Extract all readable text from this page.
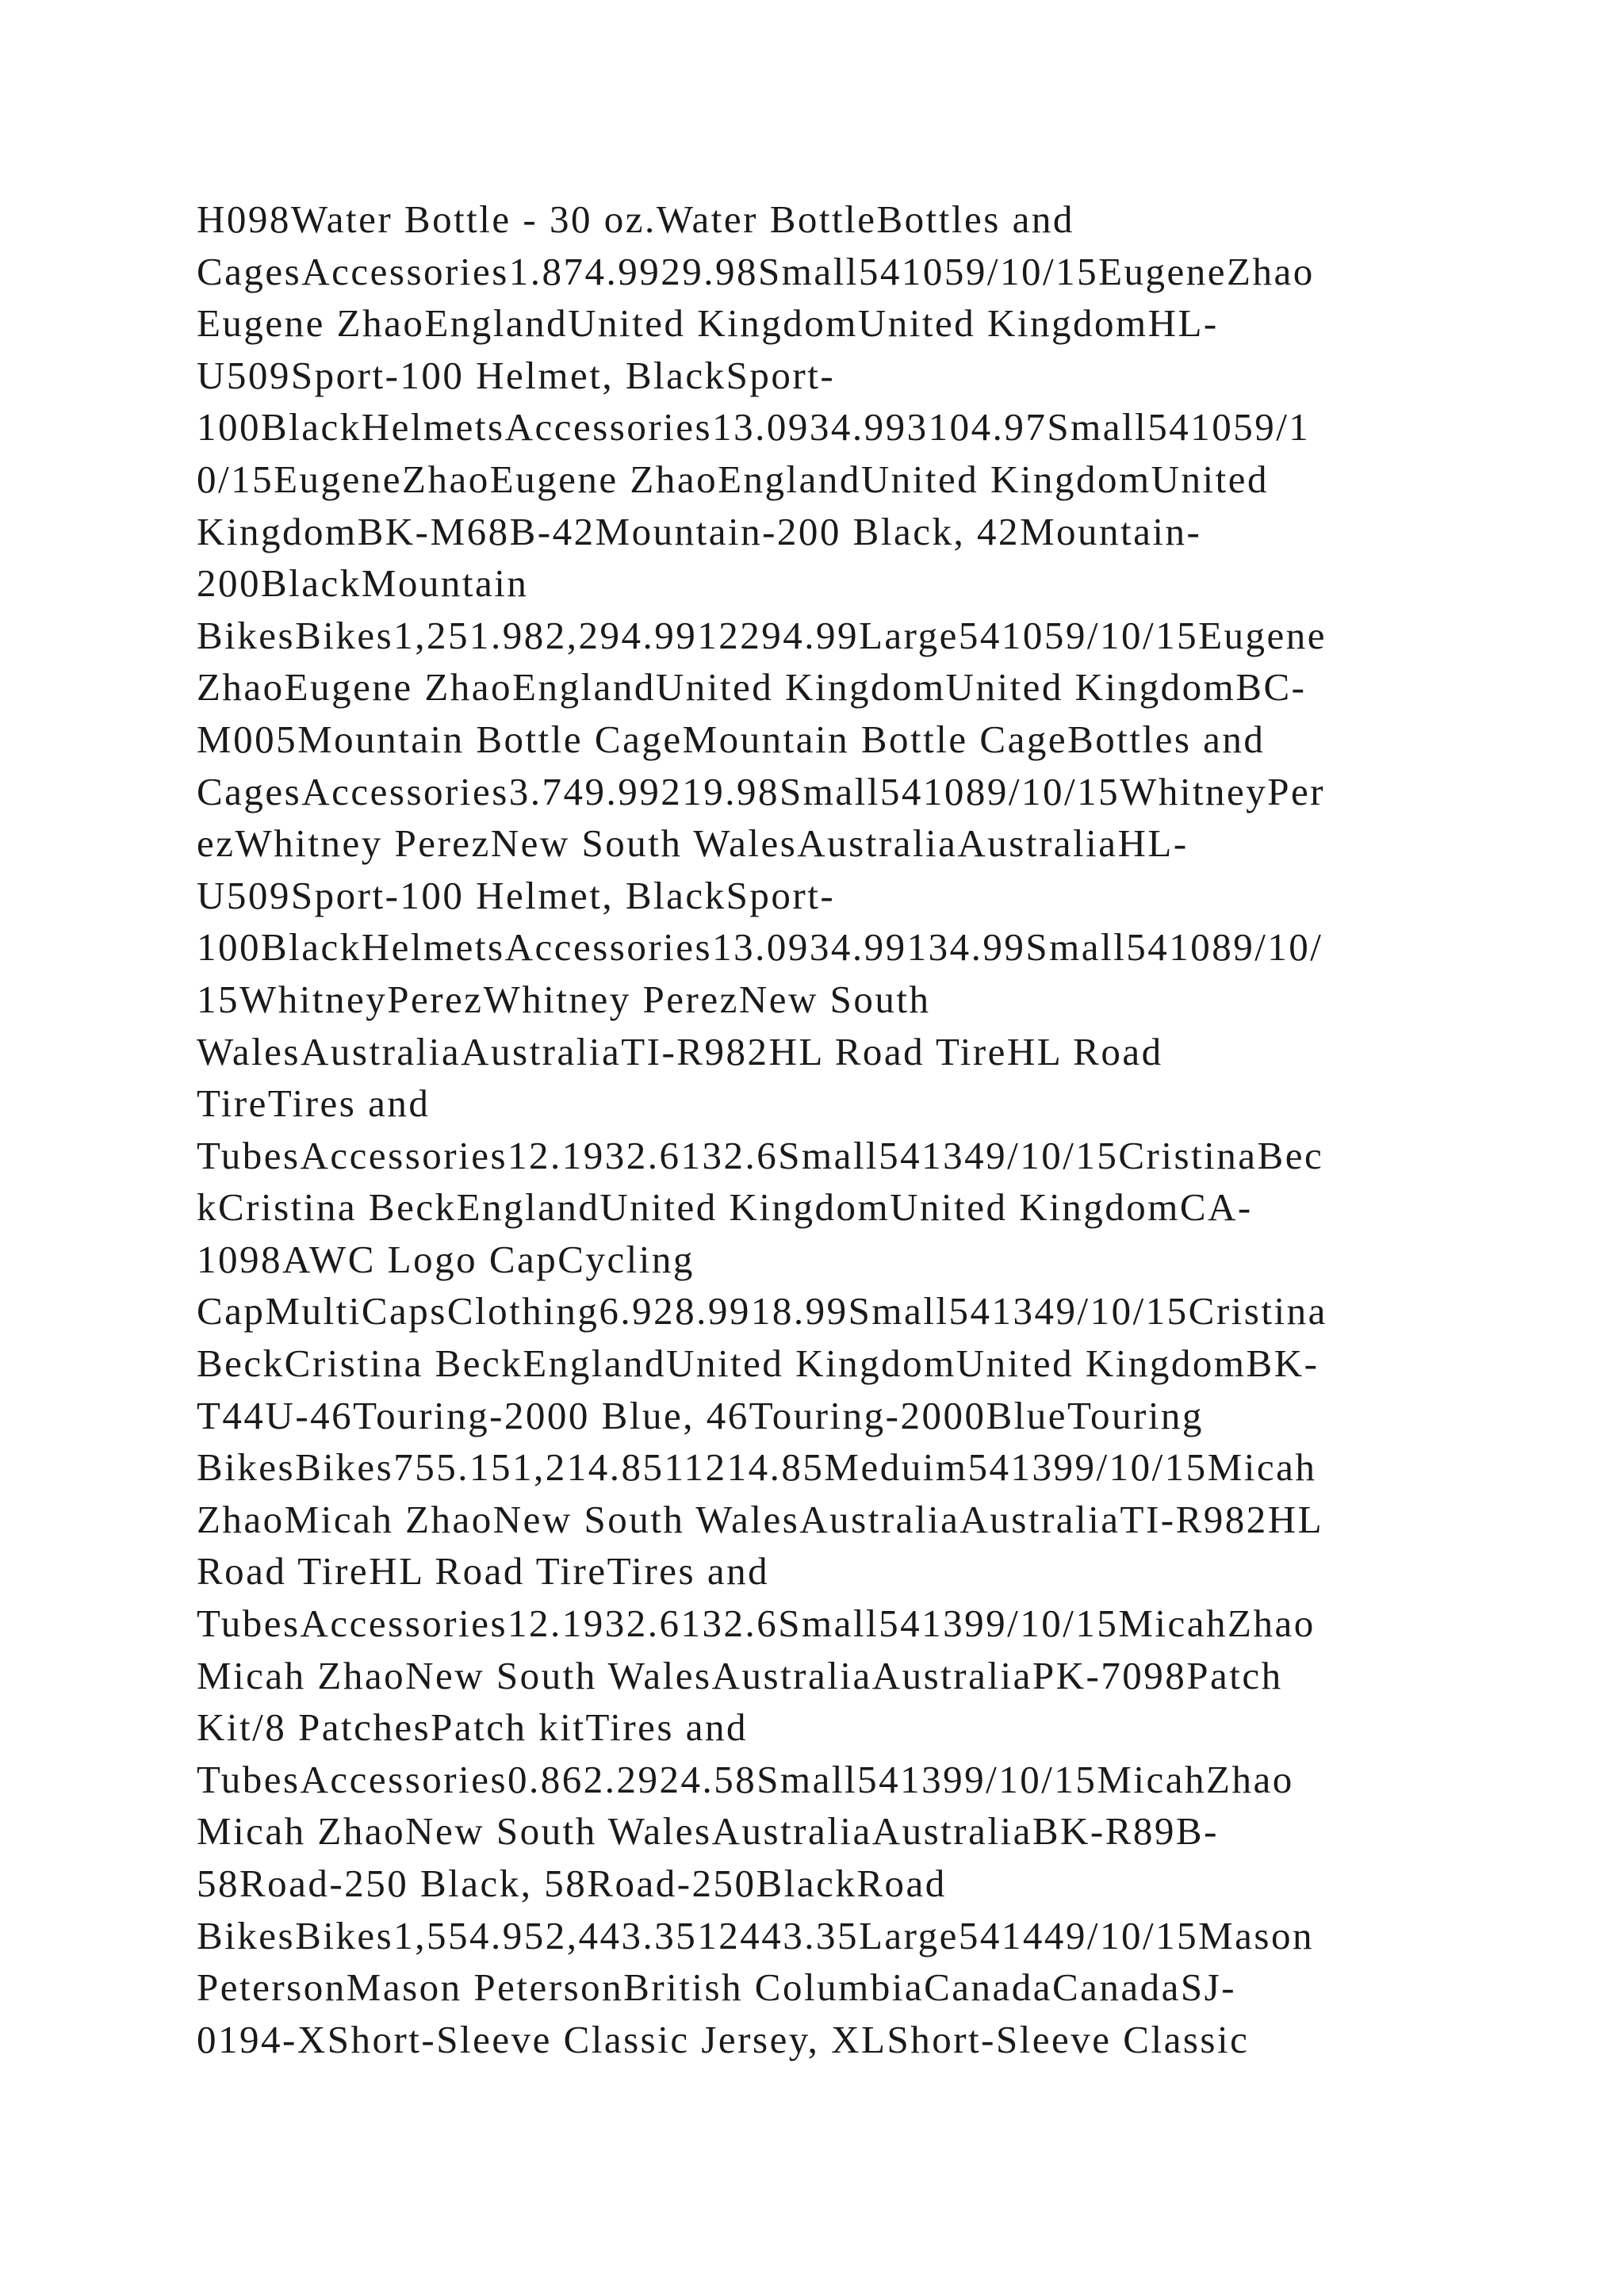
H098Water Bottle - 30 oz.Water BottleBottles and
CagesAccessories1.874.9929.98Small541059/10/15EugeneZhao
Eugene ZhaoEnglandUnited KingdomUnited KingdomHL-
U509Sport-100 Helmet, BlackSport-
100BlackHelmetsAccessories13.0934.993104.97Small541059/1
0/15EugeneZhaoEugene ZhaoEnglandUnited KingdomUnited
KingdomBK-M68B-42Mountain-200 Black, 42Mountain-
200BlackMountain
BikesBikes1,251.982,294.9912294.99Large541059/10/15Eugene
ZhaoEugene ZhaoEnglandUnited KingdomUnited KingdomBC-
M005Mountain Bottle CageMountain Bottle CageBottles and
CagesAccessories3.749.99219.98Small541089/10/15WhitneyPer
ezWhitney PerezNew South WalesAustraliaAustraliaHL-
U509Sport-100 Helmet, BlackSport-
100BlackHelmetsAccessories13.0934.99134.99Small541089/10/
15WhitneyPerezWhitney PerezNew South
WalesAustraliaAustraliaTI-R982HL Road TireHL Road
TireTires and
TubesAccessories12.1932.6132.6Small541349/10/15CristinaBec
kCristina BeckEnglandUnited KingdomUnited KingdomCA-
1098AWC Logo CapCycling
CapMultiCapsClothing6.928.9918.99Small541349/10/15Cristina
BeckCristina BeckEnglandUnited KingdomUnited KingdomBK-
T44U-46Touring-2000 Blue, 46Touring-2000BlueTouring
BikesBikes755.151,214.8511214.85Meduim541399/10/15Micah
ZhaoMicah ZhaoNew South WalesAustraliaAustraliaTI-R982HL
Road TireHL Road TireTires and
TubesAccessories12.1932.6132.6Small541399/10/15MicahZhao
Micah ZhaoNew South WalesAustraliaAustraliaPK-7098Patch
Kit/8 PatchesPatch kitTires and
TubesAccessories0.862.2924.58Small541399/10/15MicahZhao
Micah ZhaoNew South WalesAustraliaAustraliaBK-R89B-
58Road-250 Black, 58Road-250BlackRoad
BikesBikes1,554.952,443.3512443.35Large541449/10/15Mason
PetersonMason PetersonBritish ColumbiaCanadaCanadaSJ-
0194-XShort-Sleeve Classic Jersey, XLShort-Sleeve Classic
